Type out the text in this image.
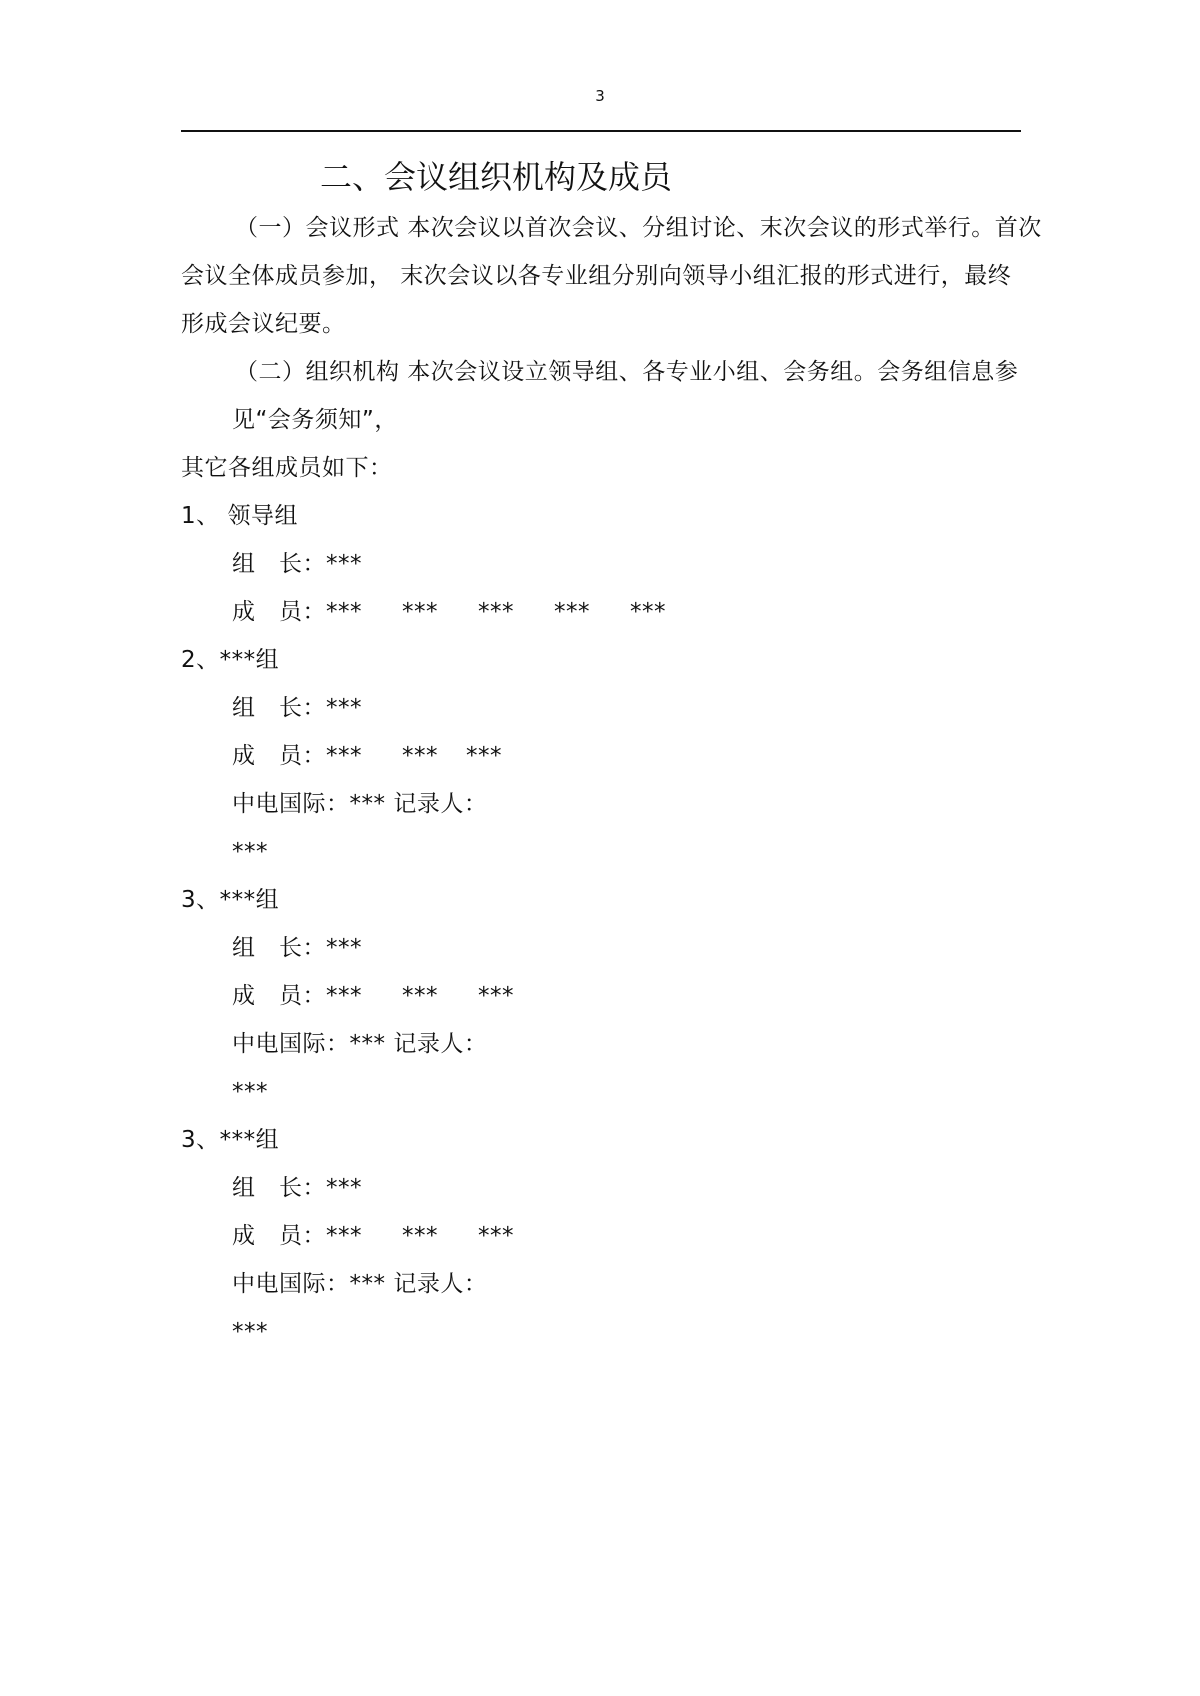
3
二、会议组织机构及成员
（一）会议形式 本次会议以首次会议、分组讨论、末次会议的形式举行。首次
会议全体成员参加， 末次会议以各专业组分别向领导小组汇报的形式进行，最终
形成会议纪要。
（二）组织机构 本次会议设立领导组、各专业小组、会务组。会务组信息参
见“会务须知”，
其它各组成员如下：
1、 领导组
组　长：***
成　员：*** *** *** *** ***
2、***组
组　长：***
成　员：*** *** ***
中电国际：*** 记录人：
***
3、***组
组　长：***
成　员：*** *** ***
中电国际：*** 记录人：
***
3、***组
组　长：***
成　员：*** *** ***
中电国际：*** 记录人：
***
